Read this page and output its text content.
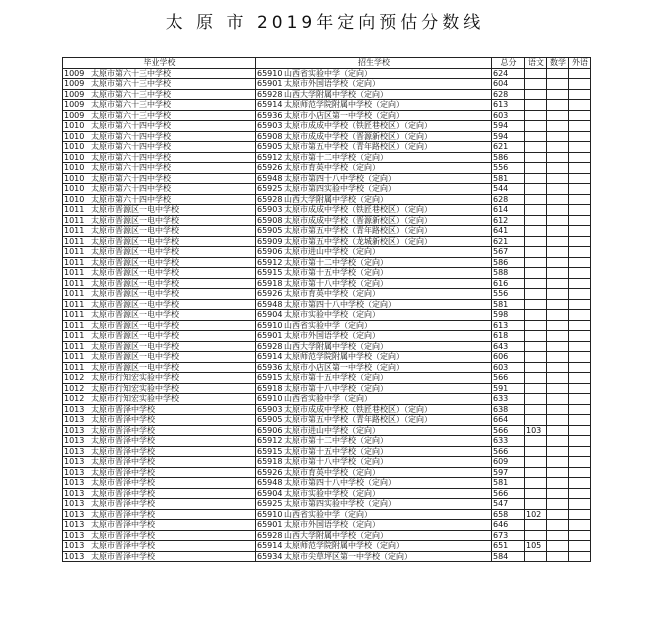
太 原 市 2019年定向预估分数线
毕业学校	招生学校	总分	语文	数学	外语
1009 太原市第六十三中学校	65910 山西省实验中学（定向）	624			
1009 太原市第六十三中学校	65901 太原市外国语学校（定向）	604			
1009 太原市第六十三中学校	65928 山西大学附属中学校（定向）	628			
1009 太原市第六十三中学校	65914 太原师范学院附属中学校（定向）	613			
1009 太原市第六十三中学校	65936 太原市小店区第一中学校（定向）	603			
1010 太原市第六十四中学校	65903 太原市成成中学校（铁匠巷校区）（定向）	594			
1010 太原市第六十四中学校	65908 太原市成成中学校（晋源新校区）（定向）	594			
1010 太原市第六十四中学校	65905 太原市第五中学校（青年路校区）（定向）	621			
1010 太原市第六十四中学校	65912 太原市第十二中学校（定向）	586			
1010 太原市第六十四中学校	65926 太原市育英中学校（定向）	556			
1010 太原市第六十四中学校	65948 太原市第四十八中学校（定向）	581			
1010 太原市第六十四中学校	65925 太原市第四实验中学校（定向）	544			
1010 太原市第六十四中学校	65928 山西大学附属中学校（定向）	628			
1011 太原市晋源区一电中学校	65903 太原市成成中学校（铁匠巷校区）（定向）	614			
1011 太原市晋源区一电中学校	65908 太原市成成中学校（晋源新校区）（定向）	612			
1011 太原市晋源区一电中学校	65905 太原市第五中学校（青年路校区）（定向）	641			
1011 太原市晋源区一电中学校	65909 太原市第五中学校（龙城新校区）（定向）	621			
1011 太原市晋源区一电中学校	65906 太原市进山中学校（定向）	567			
1011 太原市晋源区一电中学校	65912 太原市第十二中学校（定向）	586			
1011 太原市晋源区一电中学校	65915 太原市第十五中学校（定向）	588			
1011 太原市晋源区一电中学校	65918 太原市第十八中学校（定向）	616			
1011 太原市晋源区一电中学校	65926 太原市育英中学校（定向）	556			
1011 太原市晋源区一电中学校	65948 太原市第四十八中学校（定向）	581			
1011 太原市晋源区一电中学校	65904 太原市实验中学校（定向）	598			
1011 太原市晋源区一电中学校	65910 山西省实验中学（定向）	613			
1011 太原市晋源区一电中学校	65901 太原市外国语学校（定向）	618			
1011 太原市晋源区一电中学校	65928 山西大学附属中学校（定向）	643			
1011 太原市晋源区一电中学校	65914 太原师范学院附属中学校（定向）	606			
1011 太原市晋源区一电中学校	65936 太原市小店区第一中学校（定向）	603			
1012 太原市行知宏实验中学校	65915 太原市第十五中学校（定向）	566			
1012 太原市行知宏实验中学校	65918 太原市第十八中学校（定向）	591			
1012 太原市行知宏实验中学校	65910 山西省实验中学（定向）	633			
1013 太原市晋泽中学校	65903 太原市成成中学校（铁匠巷校区）（定向）	638			
1013 太原市晋泽中学校	65905 太原市第五中学校（青年路校区）（定向）	664			
1013 太原市晋泽中学校	65906 太原市进山中学校（定向）	566	103		
1013 太原市晋泽中学校	65912 太原市第十二中学校（定向）	633			
1013 太原市晋泽中学校	65915 太原市第十五中学校（定向）	566			
1013 太原市晋泽中学校	65918 太原市第十八中学校（定向）	609			
1013 太原市晋泽中学校	65926 太原市育英中学校（定向）	597			
1013 太原市晋泽中学校	65948 太原市第四十八中学校（定向）	581			
1013 太原市晋泽中学校	65904 太原市实验中学校（定向）	566			
1013 太原市晋泽中学校	65925 太原市第四实验中学校（定向）	547			
1013 太原市晋泽中学校	65910 山西省实验中学（定向）	658	102		
1013 太原市晋泽中学校	65901 太原市外国语学校（定向）	646			
1013 太原市晋泽中学校	65928 山西大学附属中学校（定向）	673			
1013 太原市晋泽中学校	65914 太原师范学院附属中学校（定向）	651	105		
1013 太原市晋泽中学校	65934 太原市尖草坪区第一中学校（定向）	584			
